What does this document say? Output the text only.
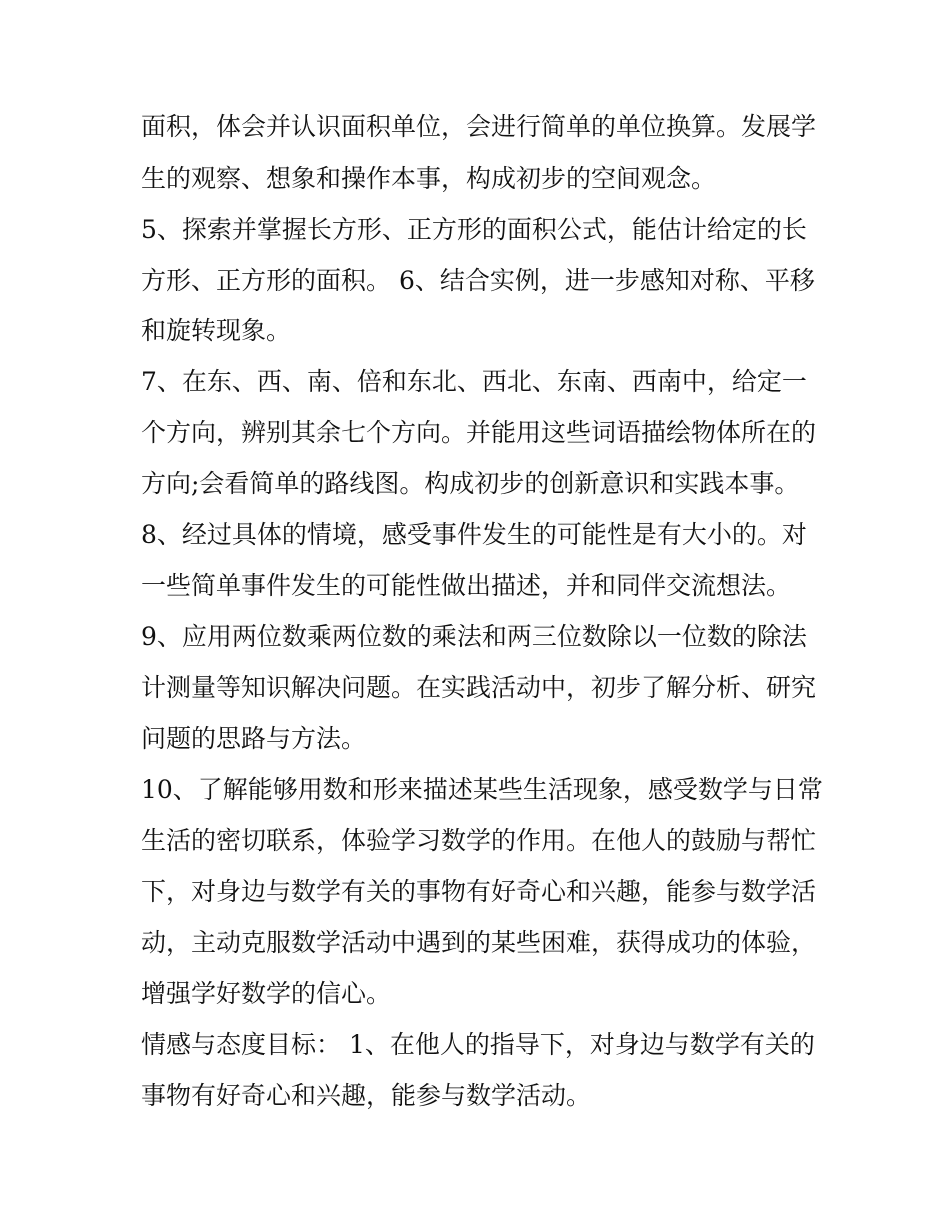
面积，体会并认识面积单位，会进行简单的单位换算。发展学
生的观察、想象和操作本事，构成初步的空间观念。
5、探索并掌握长方形、正方形的面积公式，能估计给定的长
方形、正方形的面积。 6、结合实例，进一步感知对称、平移
和旋转现象。
7、在东、西、南、倍和东北、西北、东南、西南中，给定一
个方向，辨别其余七个方向。并能用这些词语描绘物体所在的
方向;会看简单的路线图。构成初步的创新意识和实践本事。
8、经过具体的情境，感受事件发生的可能性是有大小的。对
一些简单事件发生的可能性做出描述，并和同伴交流想法。
9、应用两位数乘两位数的乘法和两三位数除以一位数的除法
计测量等知识解决问题。在实践活动中，初步了解分析、研究
问题的思路与方法。
10、了解能够用数和形来描述某些生活现象，感受数学与日常
生活的密切联系，体验学习数学的作用。在他人的鼓励与帮忙
下，对身边与数学有关的事物有好奇心和兴趣，能参与数学活
动，主动克服数学活动中遇到的某些困难，获得成功的体验，
增强学好数学的信心。
情感与态度目标： 1、在他人的指导下，对身边与数学有关的
事物有好奇心和兴趣，能参与数学活动。
